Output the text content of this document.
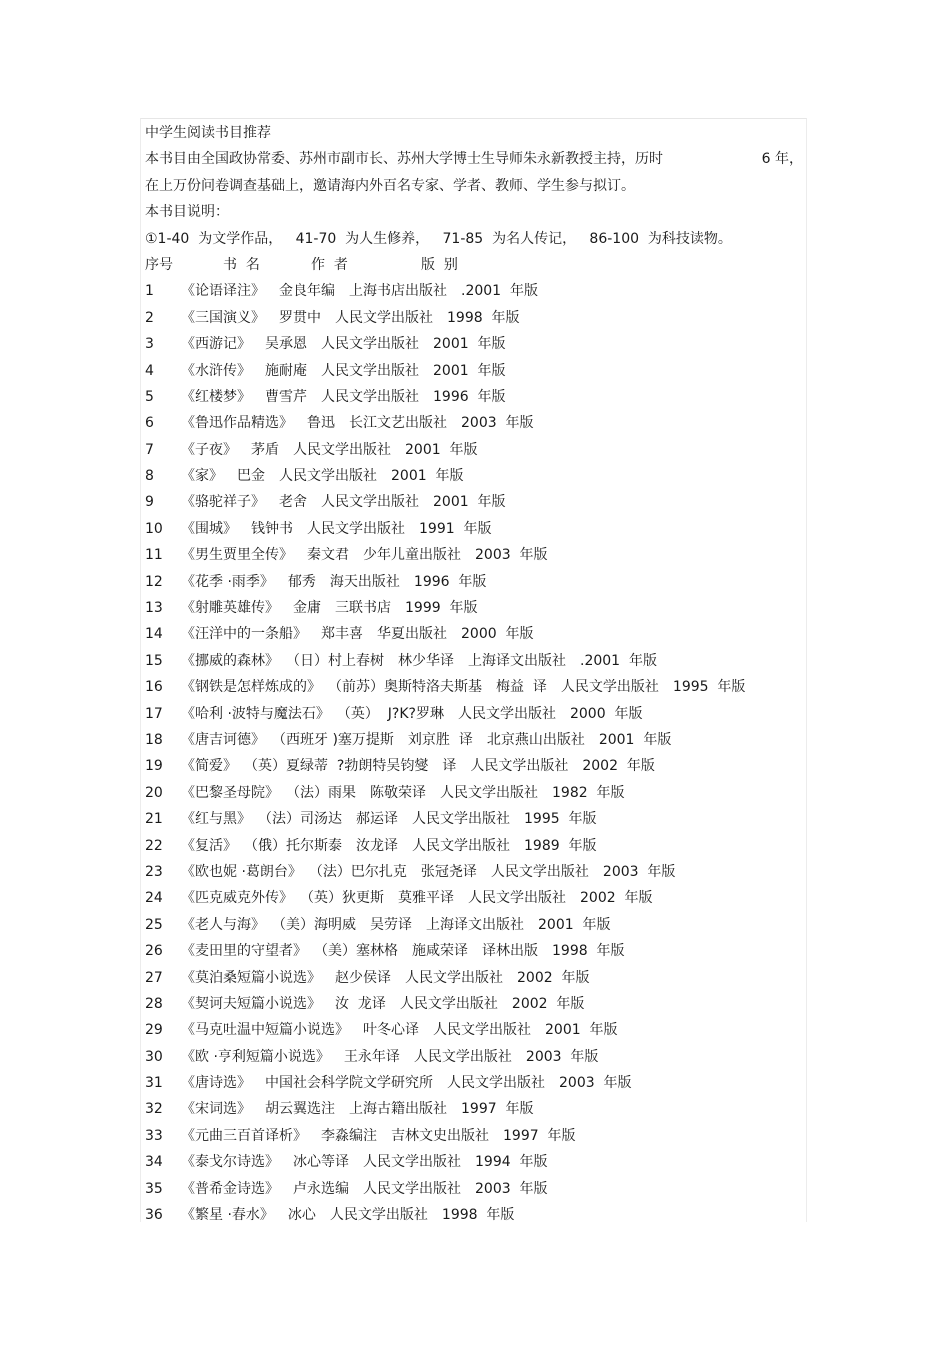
中学生阅读书目推荐
本书目由全国政协常委、苏州市副市长、苏州大学博士生导师朱永新教授主持，历时	6 年，
在上万份问卷调查基础上，邀请海内外百名专家、学者、教师、学生参与拟订。
本书目说明：
①1-40  为文学作品，   41-70  为人生修养，   71-85  为名人传记，   86-100  为科技读物。
序号	书  名	作  者	版  别
1 《论语译注》 金良年编 上海书店出版社 .2001  年版
2 《三国演义》 罗贯中 人民文学出版社 1998  年版
3 《西游记》 吴承恩 人民文学出版社 2001  年版
4 《水浒传》 施耐庵 人民文学出版社 2001  年版
5 《红楼梦》 曹雪芹 人民文学出版社 1996  年版
6 《鲁迅作品精选》 鲁迅 长江文艺出版社 2003  年版
7 《子夜》 茅盾 人民文学出版社 2001  年版
8 《家》 巴金 人民文学出版社 2001  年版
9 《骆驼祥子》 老舍 人民文学出版社 2001  年版
10 《围城》 钱钟书 人民文学出版社 1991  年版
11 《男生贾里全传》 秦文君 少年儿童出版社 2003  年版
12 《花季 ·雨季》 郁秀 海天出版社 1996  年版
13 《射雕英雄传》 金庸 三联书店 1999  年版
14 《汪洋中的一条船》 郑丰喜 华夏出版社 2000  年版
15 《挪威的森林》 （日）村上春树 林少华译 上海译文出版社 .2001  年版
16 《钢铁是怎样炼成的》 （前苏）奥斯特洛夫斯基 梅益  译 人民文学出版社 1995  年版
17 《哈利 ·波特与魔法石》 （英）  J?K?罗琳 人民文学出版社 2000  年版
18 《唐吉诃德》 （西班牙 )塞万提斯 刘京胜  译 北京燕山出版社 2001  年版
19 《简爱》 （英）夏绿蒂  ?勃朗特吴钧燮 译 人民文学出版社 2002  年版
20 《巴黎圣母院》 （法）雨果 陈敬荣译 人民文学出版社 1982  年版
21 《红与黑》 （法）司汤达 郝运译 人民文学出版社 1995  年版
22 《复活》 （俄）托尔斯泰 汝龙译 人民文学出版社 1989  年版
23 《欧也妮 ·葛朗台》 （法）巴尔扎克 张冠尧译 人民文学出版社 2003  年版
24 《匹克威克外传》 （英）狄更斯 莫雅平译 人民文学出版社 2002  年版
25 《老人与海》 （美）海明威 吴劳译 上海译文出版社 2001  年版
26 《麦田里的守望者》 （美）塞林格 施咸荣译 译林出版 1998  年版
27 《莫泊桑短篇小说选》 赵少侯译 人民文学出版社 2002  年版
28 《契诃夫短篇小说选》 汝  龙译 人民文学出版社 2002  年版
29 《马克吐温中短篇小说选》 叶冬心译 人民文学出版社 2001  年版
30 《欧 ·亨利短篇小说选》 王永年译 人民文学出版社 2003  年版
31 《唐诗选》 中国社会科学院文学研究所 人民文学出版社 2003  年版
32 《宋词选》 胡云翼选注 上海古籍出版社 1997  年版
33 《元曲三百首译析》 李淼编注 吉林文史出版社 1997  年版
34 《泰戈尔诗选》 冰心等译 人民文学出版社 1994  年版
35 《普希金诗选》 卢永选编 人民文学出版社 2003  年版
36 《繁星 ·春水》 冰心 人民文学出版社 1998  年版
